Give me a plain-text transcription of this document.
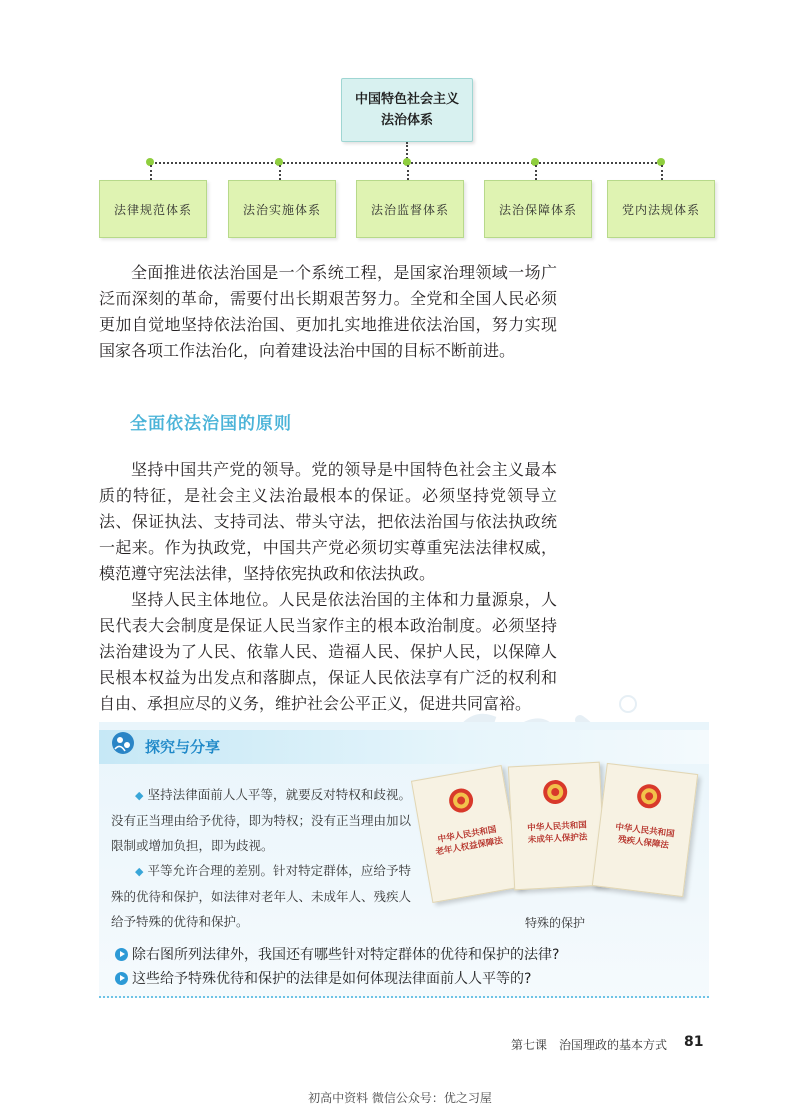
中国特色社会主义
法治体系
法律规范体系	法治实施体系	法治监督体系	法治保障体系	党内法规体系

全面推进依法治国是一个系统工程，是国家治理领域一场广泛而深刻的革命，需要付出长期艰苦努力。全党和全国人民必须更加自觉地坚持依法治国、更加扎实地推进依法治国，努力实现国家各项工作法治化，向着建设法治中国的目标不断前进。

全面依法治国的原则

坚持中国共产党的领导。党的领导是中国特色社会主义最本质的特征，是社会主义法治最根本的保证。必须坚持党领导立法、保证执法、支持司法、带头守法，把依法治国与依法执政统一起来。作为执政党，中国共产党必须切实尊重宪法法律权威，模范遵守宪法法律，坚持依宪执政和依法执政。

坚持人民主体地位。人民是依法治国的主体和力量源泉，人民代表大会制度是保证人民当家作主的根本政治制度。必须坚持法治建设为了人民、依靠人民、造福人民、保护人民，以保障人民根本权益为出发点和落脚点，保证人民依法享有广泛的权利和自由、承担应尽的义务，维护社会公平正义，促进共同富裕。

探究与分享

◆ 坚持法律面前人人平等，就要反对特权和歧视。没有正当理由给予优待，即为特权；没有正当理由加以限制或增加负担，即为歧视。

◆ 平等允许合理的差别。针对特定群体，应给予特殊的优待和保护，如法律对老年人、未成年人、残疾人给予特殊的优待和保护。

中华人民共和国
老年人权益保障法
中华人民共和国
未成年人保护法	中华人民共和国
残疾人保障法
特殊的保护
除右图所列法律外，我国还有哪些针对特定群体的优待和保护的法律?
这些给予特殊优待和保护的法律是如何体现法律面前人人平等的?
第七课　治国理政的基本方式 81
初高中资料 微信公众号：优之习屋
